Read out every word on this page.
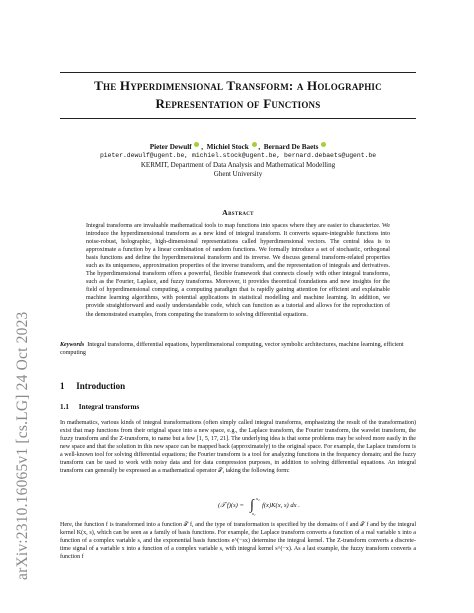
arXiv:2310.16065v1 [cs.LG] 24 Oct 2023
The Hyperdimensional Transform: a Holographic
Representation of Functions
Pieter Dewulf ,  Michiel Stock ,  Bernard De Baets
pieter.dewulf@ugent.be, michiel.stock@ugent.be, bernard.debaets@ugent.be
KERMIT, Department of Data Analysis and Mathematical Modelling
Ghent University
Abstract
Integral transforms are invaluable mathematical tools to map functions into spaces where they are easier to characterize. We introduce the hyperdimensional transform as a new kind of integral transform. It converts square-integrable functions into noise-robust, holographic, high-dimensional representations called hyperdimensional vectors. The central idea is to approximate a function by a linear combination of random functions. We formally introduce a set of stochastic, orthogonal basis functions and define the hyperdimensional transform and its inverse. We discuss general transform-related properties such as its uniqueness, approximation properties of the inverse transform, and the representation of integrals and derivatives. The hyperdimensional transform offers a powerful, flexible framework that connects closely with other integral transforms, such as the Fourier, Laplace, and fuzzy transforms. Moreover, it provides theoretical foundations and new insights for the field of hyperdimensional computing, a computing paradigm that is rapidly gaining attention for efficient and explainable machine learning algorithms, with potential applications in statistical modelling and machine learning. In addition, we provide straightforward and easily understandable code, which can function as a tutorial and allows for the reproduction of the demonstrated examples, from computing the transform to solving differential equations.
Keywords Integral transforms, differential equations, hyperdimensional computing, vector symbolic architectures, machine learning, efficient computing
1 Introduction
1.1 Integral transforms
In mathematics, various kinds of integral transformations (often simply called integral transforms, emphasizing the result of the transformation) exist that map functions from their original space into a new space, e.g., the Laplace transform, the Fourier transform, the wavelet transform, the fuzzy transform and the Z-transform, to name but a few [1, 5, 17, 21]. The underlying idea is that some problems may be solved more easily in the new space and that the solution in this new space can be mapped back (approximately) to the original space. For example, the Laplace transform is a well-known tool for solving differential equations; the Fourier transform is a tool for analyzing functions in the frequency domain; and the fuzzy transform can be used to work with noisy data and for data compression purposes, in addition to solving differential equations. An integral transform can generally be expressed as a mathematical operator 𝒯, taking the following form:
(𝒯 f)(s) = ∫ x₂
x₁
f(x)K(x, s) dx .
Here, the function f is transformed into a function 𝒯 f, and the type of transformation is specified by the domains of f and 𝒯 f and by the integral kernel K(x, s), which can be seen as a family of basis functions. For example, the Laplace transform converts a function of a real variable x into a function of a complex variable s, and the exponential basis functions e^(−sx) determine the integral kernel. The Z-transform converts a discrete-time signal of a variable x into a function of a complex variable s, with integral kernel s^(−x). As a last example, the fuzzy transform converts a function f
